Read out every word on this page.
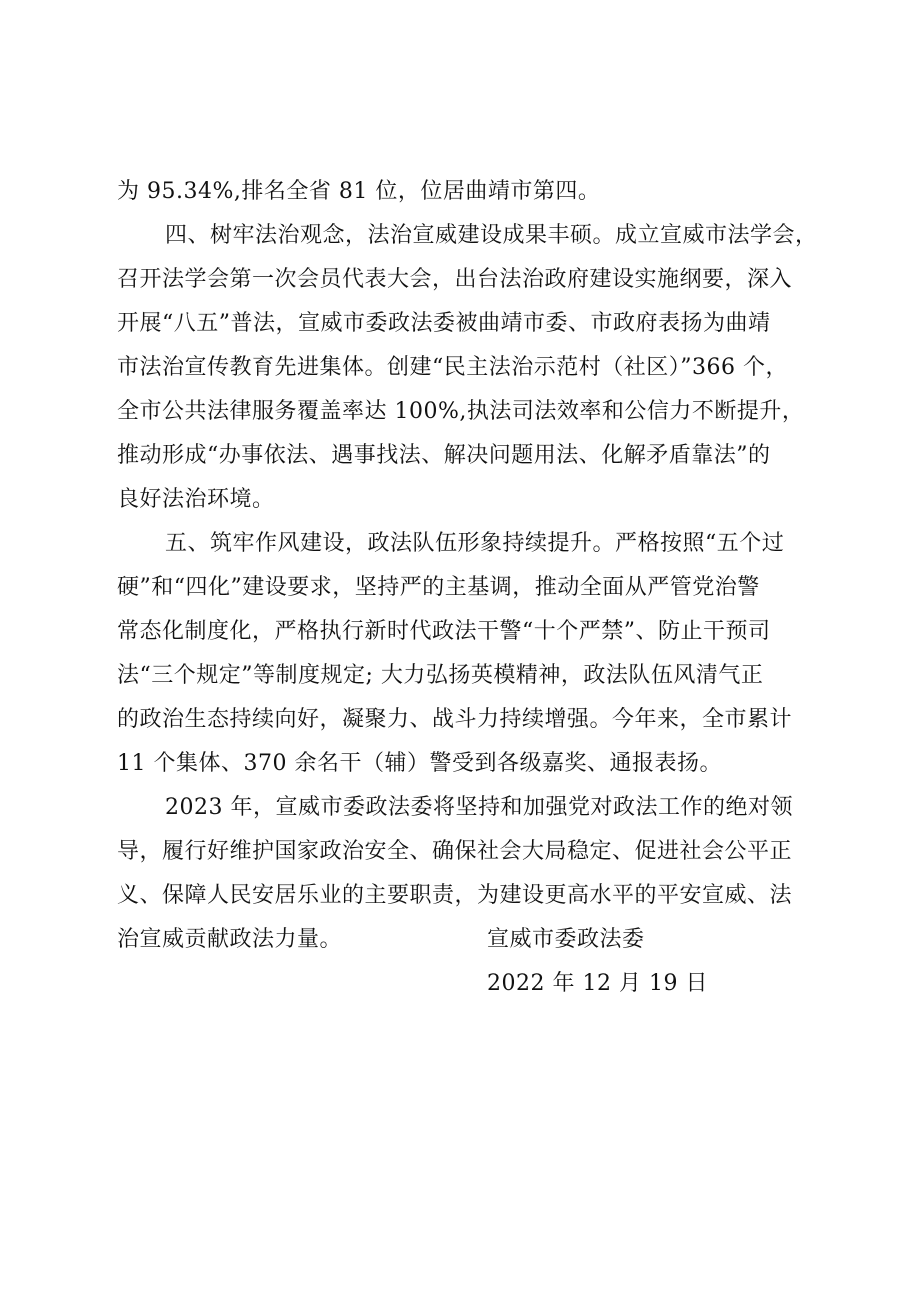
为 95.34%,排名全省 81 位，位居曲靖市第四。
四、树牢法治观念，法治宣威建设成果丰硕。成立宣威市法学会，
召开法学会第一次会员代表大会，出台法治政府建设实施纲要，深入
开展“八五”普法，宣威市委政法委被曲靖市委、市政府表扬为曲靖
市法治宣传教育先进集体。创建“民主法治示范村（社区）”366 个，
全市公共法律服务覆盖率达 100%,执法司法效率和公信力不断提升，
推动形成“办事依法、遇事找法、解决问题用法、化解矛盾靠法”的
良好法治环境。
五、筑牢作风建设，政法队伍形象持续提升。严格按照“五个过
硬”和“四化”建设要求，坚持严的主基调，推动全面从严管党治警
常态化制度化，严格执行新时代政法干警“十个严禁”、防止干预司
法“三个规定”等制度规定; 大力弘扬英模精神，政法队伍风清气正
的政治生态持续向好，凝聚力、战斗力持续增强。今年来，全市累计
11 个集体、370 余名干（辅）警受到各级嘉奖、通报表扬。
2023 年，宣威市委政法委将坚持和加强党对政法工作的绝对领
导，履行好维护国家政治安全、确保社会大局稳定、促进社会公平正
义、保障人民安居乐业的主要职责，为建设更高水平的平安宣威、法
治宣威贡献政法力量。	宣威市委政法委
2022 年 12 月 19 日
